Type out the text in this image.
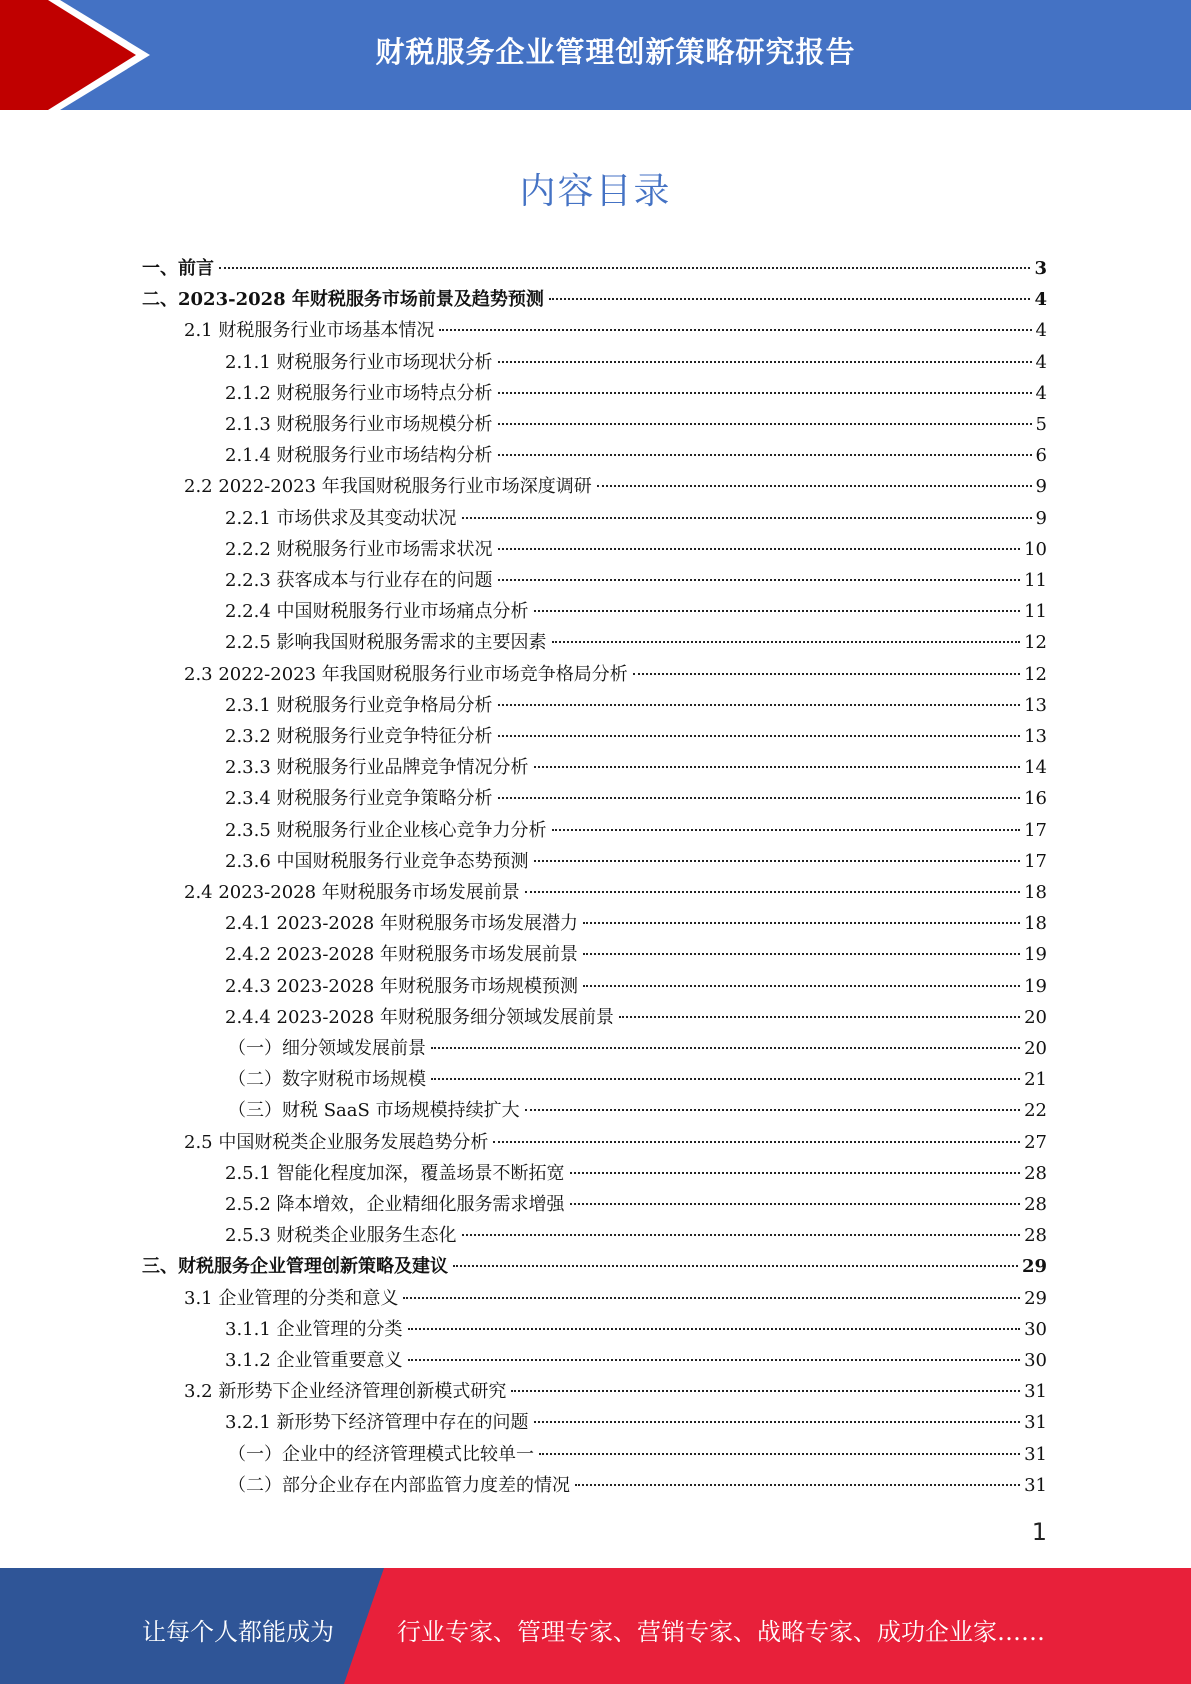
财税服务企业管理创新策略研究报告
内容目录
一、前言	3
二、2023-2028 年财税服务市场前景及趋势预测	4
2.1 财税服务行业市场基本情况	4
2.1.1 财税服务行业市场现状分析	4
2.1.2 财税服务行业市场特点分析	4
2.1.3 财税服务行业市场规模分析	5
2.1.4 财税服务行业市场结构分析	6
2.2 2022-2023 年我国财税服务行业市场深度调研	9
2.2.1 市场供求及其变动状况	9
2.2.2 财税服务行业市场需求状况	10
2.2.3 获客成本与行业存在的问题	11
2.2.4 中国财税服务行业市场痛点分析	11
2.2.5 影响我国财税服务需求的主要因素	12
2.3 2022-2023 年我国财税服务行业市场竞争格局分析	12
2.3.1 财税服务行业竞争格局分析	13
2.3.2 财税服务行业竞争特征分析	13
2.3.3 财税服务行业品牌竞争情况分析	14
2.3.4 财税服务行业竞争策略分析	16
2.3.5 财税服务行业企业核心竞争力分析	17
2.3.6 中国财税服务行业竞争态势预测	17
2.4 2023-2028 年财税服务市场发展前景	18
2.4.1 2023-2028 年财税服务市场发展潜力	18
2.4.2 2023-2028 年财税服务市场发展前景	19
2.4.3 2023-2028 年财税服务市场规模预测	19
2.4.4 2023-2028 年财税服务细分领域发展前景	20
（一）细分领域发展前景	20
（二）数字财税市场规模	21
（三）财税 SaaS 市场规模持续扩大	22
2.5 中国财税类企业服务发展趋势分析	27
2.5.1 智能化程度加深，覆盖场景不断拓宽	28
2.5.2 降本增效，企业精细化服务需求增强	28
2.5.3 财税类企业服务生态化	28
三、财税服务企业管理创新策略及建议	29
3.1 企业管理的分类和意义	29
3.1.1 企业管理的分类	30
3.1.2 企业管重要意义	30
3.2 新形势下企业经济管理创新模式研究	31
3.2.1 新形势下经济管理中存在的问题	31
（一）企业中的经济管理模式比较单一	31
（二）部分企业存在内部监管力度差的情况	31
1
让每个人都能成为	行业专家、管理专家、营销专家、战略专家、成功企业家……
